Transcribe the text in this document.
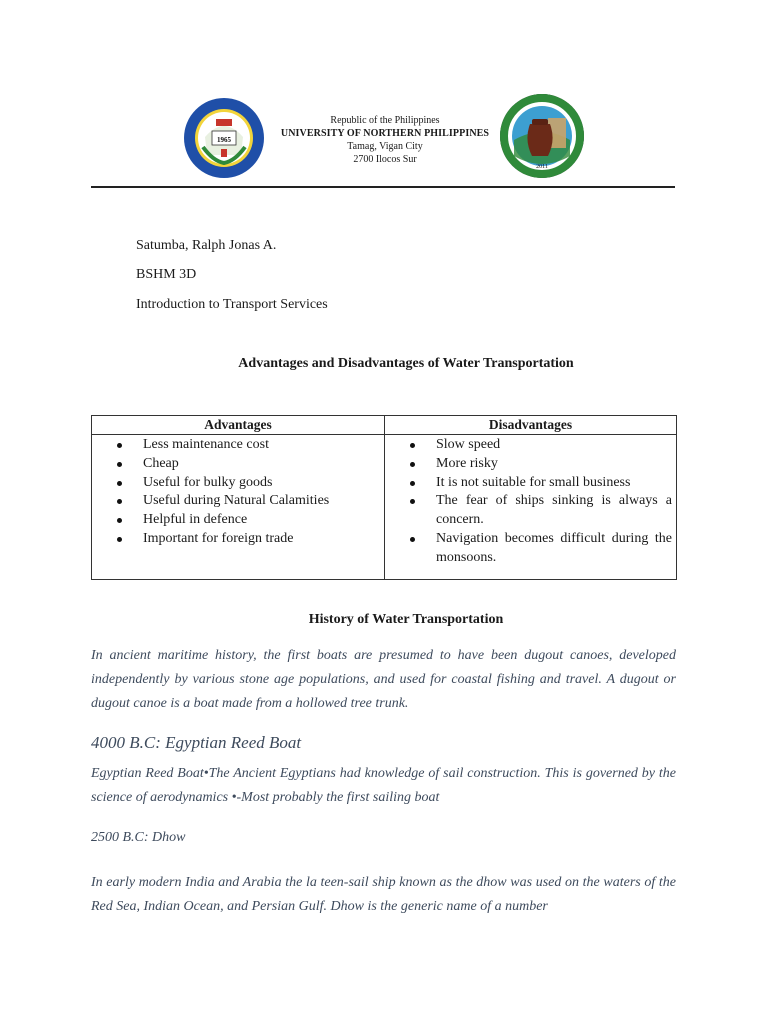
1965
2011
Republic of the Philippines
UNIVERSITY OF NORTHERN PHILIPPINES
Tamag, Vigan City
2700 Ilocos Sur
Satumba, Ralph Jonas A.
BSHM 3D
Introduction to Transport Services
Advantages and Disadvantages of Water Transportation
Advantages	Disadvantages
Less maintenance cost
Cheap
Useful for bulky goods
Useful during Natural Calamities
Helpful in defence
Important for foreign trade
Slow speed
More risky
It is not suitable for small business
The fear of ships sinking is always a concern.
Navigation becomes difficult during the monsoons.
History of Water Transportation
In ancient maritime history, the first boats are presumed to have been dugout canoes, developed independently by various stone age populations, and used for coastal fishing and travel. A dugout or dugout canoe is a boat made from a hollowed tree trunk.
4000 B.C: Egyptian Reed Boat
Egyptian Reed Boat•The Ancient Egyptians had knowledge of sail construction. This is governed by the science of aerodynamics •-Most probably the first sailing boat
2500 B.C: Dhow
In early modern India and Arabia the la teen-sail ship known as the dhow was used on the waters of the Red Sea, Indian Ocean, and Persian Gulf. Dhow is the generic name of a number
